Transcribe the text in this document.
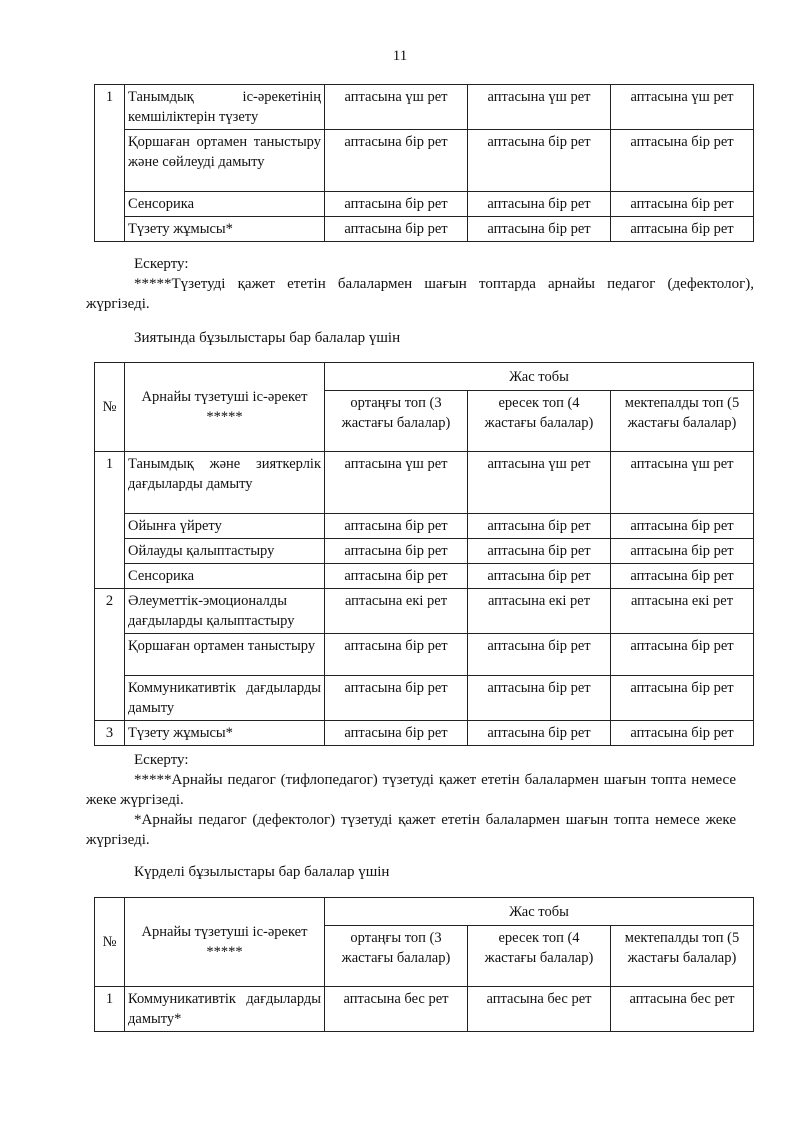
11
1	Танымдық іс-әрекетінің кемшіліктерін түзету	аптасына үш рет	аптасына үш рет	аптасына үш рет
	Қоршаған ортамен таныстыру және сөйлеуді дамыту	аптасына бір рет	аптасына бір рет	аптасына бір рет
	Сенсорика	аптасына бір рет	аптасына бір рет	аптасына бір рет
	Түзету жұмысы*	аптасына бір рет	аптасына бір рет	аптасына бір рет

Ескерту:

*****Түзетуді қажет ететін балалармен шағын топтарда арнайы педагог (дефектолог), жүргізеді.

Зиятында бұзылыстары бар балалар үшін
№	Арнайы түзетуші іс-әрекет *****	Жас тобы		
		ортаңғы топ (3 жастағы балалар)	ересек топ (4 жастағы балалар)	мектепалды топ (5 жастағы балалар)
1	Танымдық және зияткерлік дағдыларды дамыту	аптасына үш рет	аптасына үш рет	аптасына үш рет
	Ойынға үйрету	аптасына бір рет	аптасына бір рет	аптасына бір рет
	Ойлауды қалыптастыру	аптасына бір рет	аптасына бір рет	аптасына бір рет
	Сенсорика	аптасына бір рет	аптасына бір рет	аптасына бір рет
2	Әлеуметтік-эмоционалды дағдыларды қалыптастыру	аптасына екі рет	аптасына екі рет	аптасына екі рет
	Қоршаған ортамен таныстыру	аптасына бір рет	аптасына бір рет	аптасына бір рет
	Коммуникативтік дағдыларды дамыту	аптасына бір рет	аптасына бір рет	аптасына бір рет
3	Түзету жұмысы*	аптасына бір рет	аптасына бір рет	аптасына бір рет

Ескерту:

*****Арнайы педагог (тифлопедагог) түзетуді қажет ететін балалармен шағын топта немесе жеке жүргізеді.

*Арнайы педагог (дефектолог) түзетуді қажет ететін балалармен шағын топта немесе жеке жүргізеді.

Күрделі бұзылыстары бар балалар үшін
№	Арнайы түзетуші іс-әрекет *****	Жас тобы		
		ортаңғы топ (3 жастағы балалар)	ересек топ (4 жастағы балалар)	мектепалды топ (5 жастағы балалар)
1	Коммуникативтік дағдыларды дамыту*	аптасына бес рет	аптасына бес рет	аптасына бес рет
